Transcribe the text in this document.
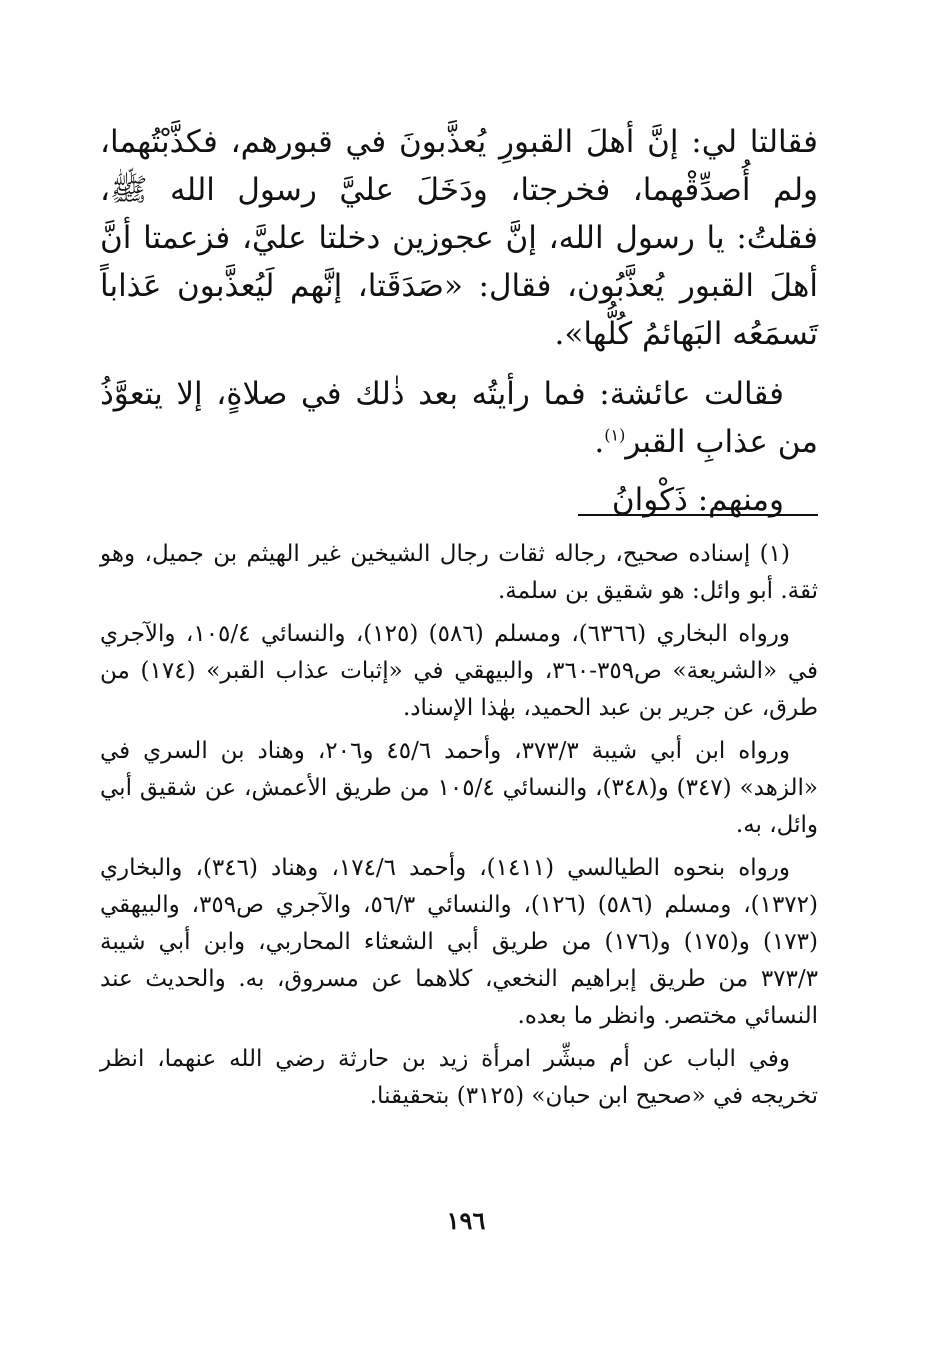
فقالتا لي: إنَّ أهلَ القبورِ يُعذَّبونَ في قبورهم، فكذَّبْتُهما، ولم أُصدِّقْهما، فخرجتا، ودَخَلَ عليَّ رسول الله ﷺ، فقلتُ: يا رسول الله، إنَّ عجوزين دخلتا عليَّ، فزعمتا أنَّ أهلَ القبور يُعذَّبُون، فقال: «صَدَقَتا، إنَّهم لَيُعذَّبون عَذاباً تَسمَعُه البَهائمُ كُلُّها».

فقالت عائشة: فما رأيتُه بعد ذٰلك في صلاةٍ، إلا يتعوَّذُ من عذابِ القبر$^{(١)}$.

ومنهم: ذَكْوانُ

(١) إسناده صحيح، رجاله ثقات رجال الشيخين غير الهيثم بن جميل، وهو ثقة. أبو وائل: هو شقيق بن سلمة.

ورواه البخاري (٦٣٦٦)، ومسلم (٥٨٦) (١٢٥)، والنسائي ١٠٥/٤، والآجري في «الشريعة» ص٣٥٩-٣٦٠، والبيهقي في «إثبات عذاب القبر» (١٧٤) من طرق، عن جرير بن عبد الحميد، بهٰذا الإسناد.

ورواه ابن أبي شيبة ٣٧٣/٣، وأحمد ٤٥/٦ و٢٠٦، وهناد بن السري في «الزهد» (٣٤٧) و(٣٤٨)، والنسائي ١٠٥/٤ من طريق الأعمش، عن شقيق أبي وائل، به.

ورواه بنحوه الطيالسي (١٤١١)، وأحمد ١٧٤/٦، وهناد (٣٤٦)، والبخاري (١٣٧٢)، ومسلم (٥٨٦) (١٢٦)، والنسائي ٥٦/٣، والآجري ص٣٥٩، والبيهقي (١٧٣) و(١٧٥) و(١٧٦) من طريق أبي الشعثاء المحاربي، وابن أبي شيبة ٣٧٣/٣ من طريق إبراهيم النخعي، كلاهما عن مسروق، به. والحديث عند النسائي مختصر. وانظر ما بعده.

وفي الباب عن أم مبشِّر امرأة زيد بن حارثة رضي الله عنهما، انظر تخريجه في «صحيح ابن حبان» (٣١٢٥) بتحقيقنا.

١٩٦
